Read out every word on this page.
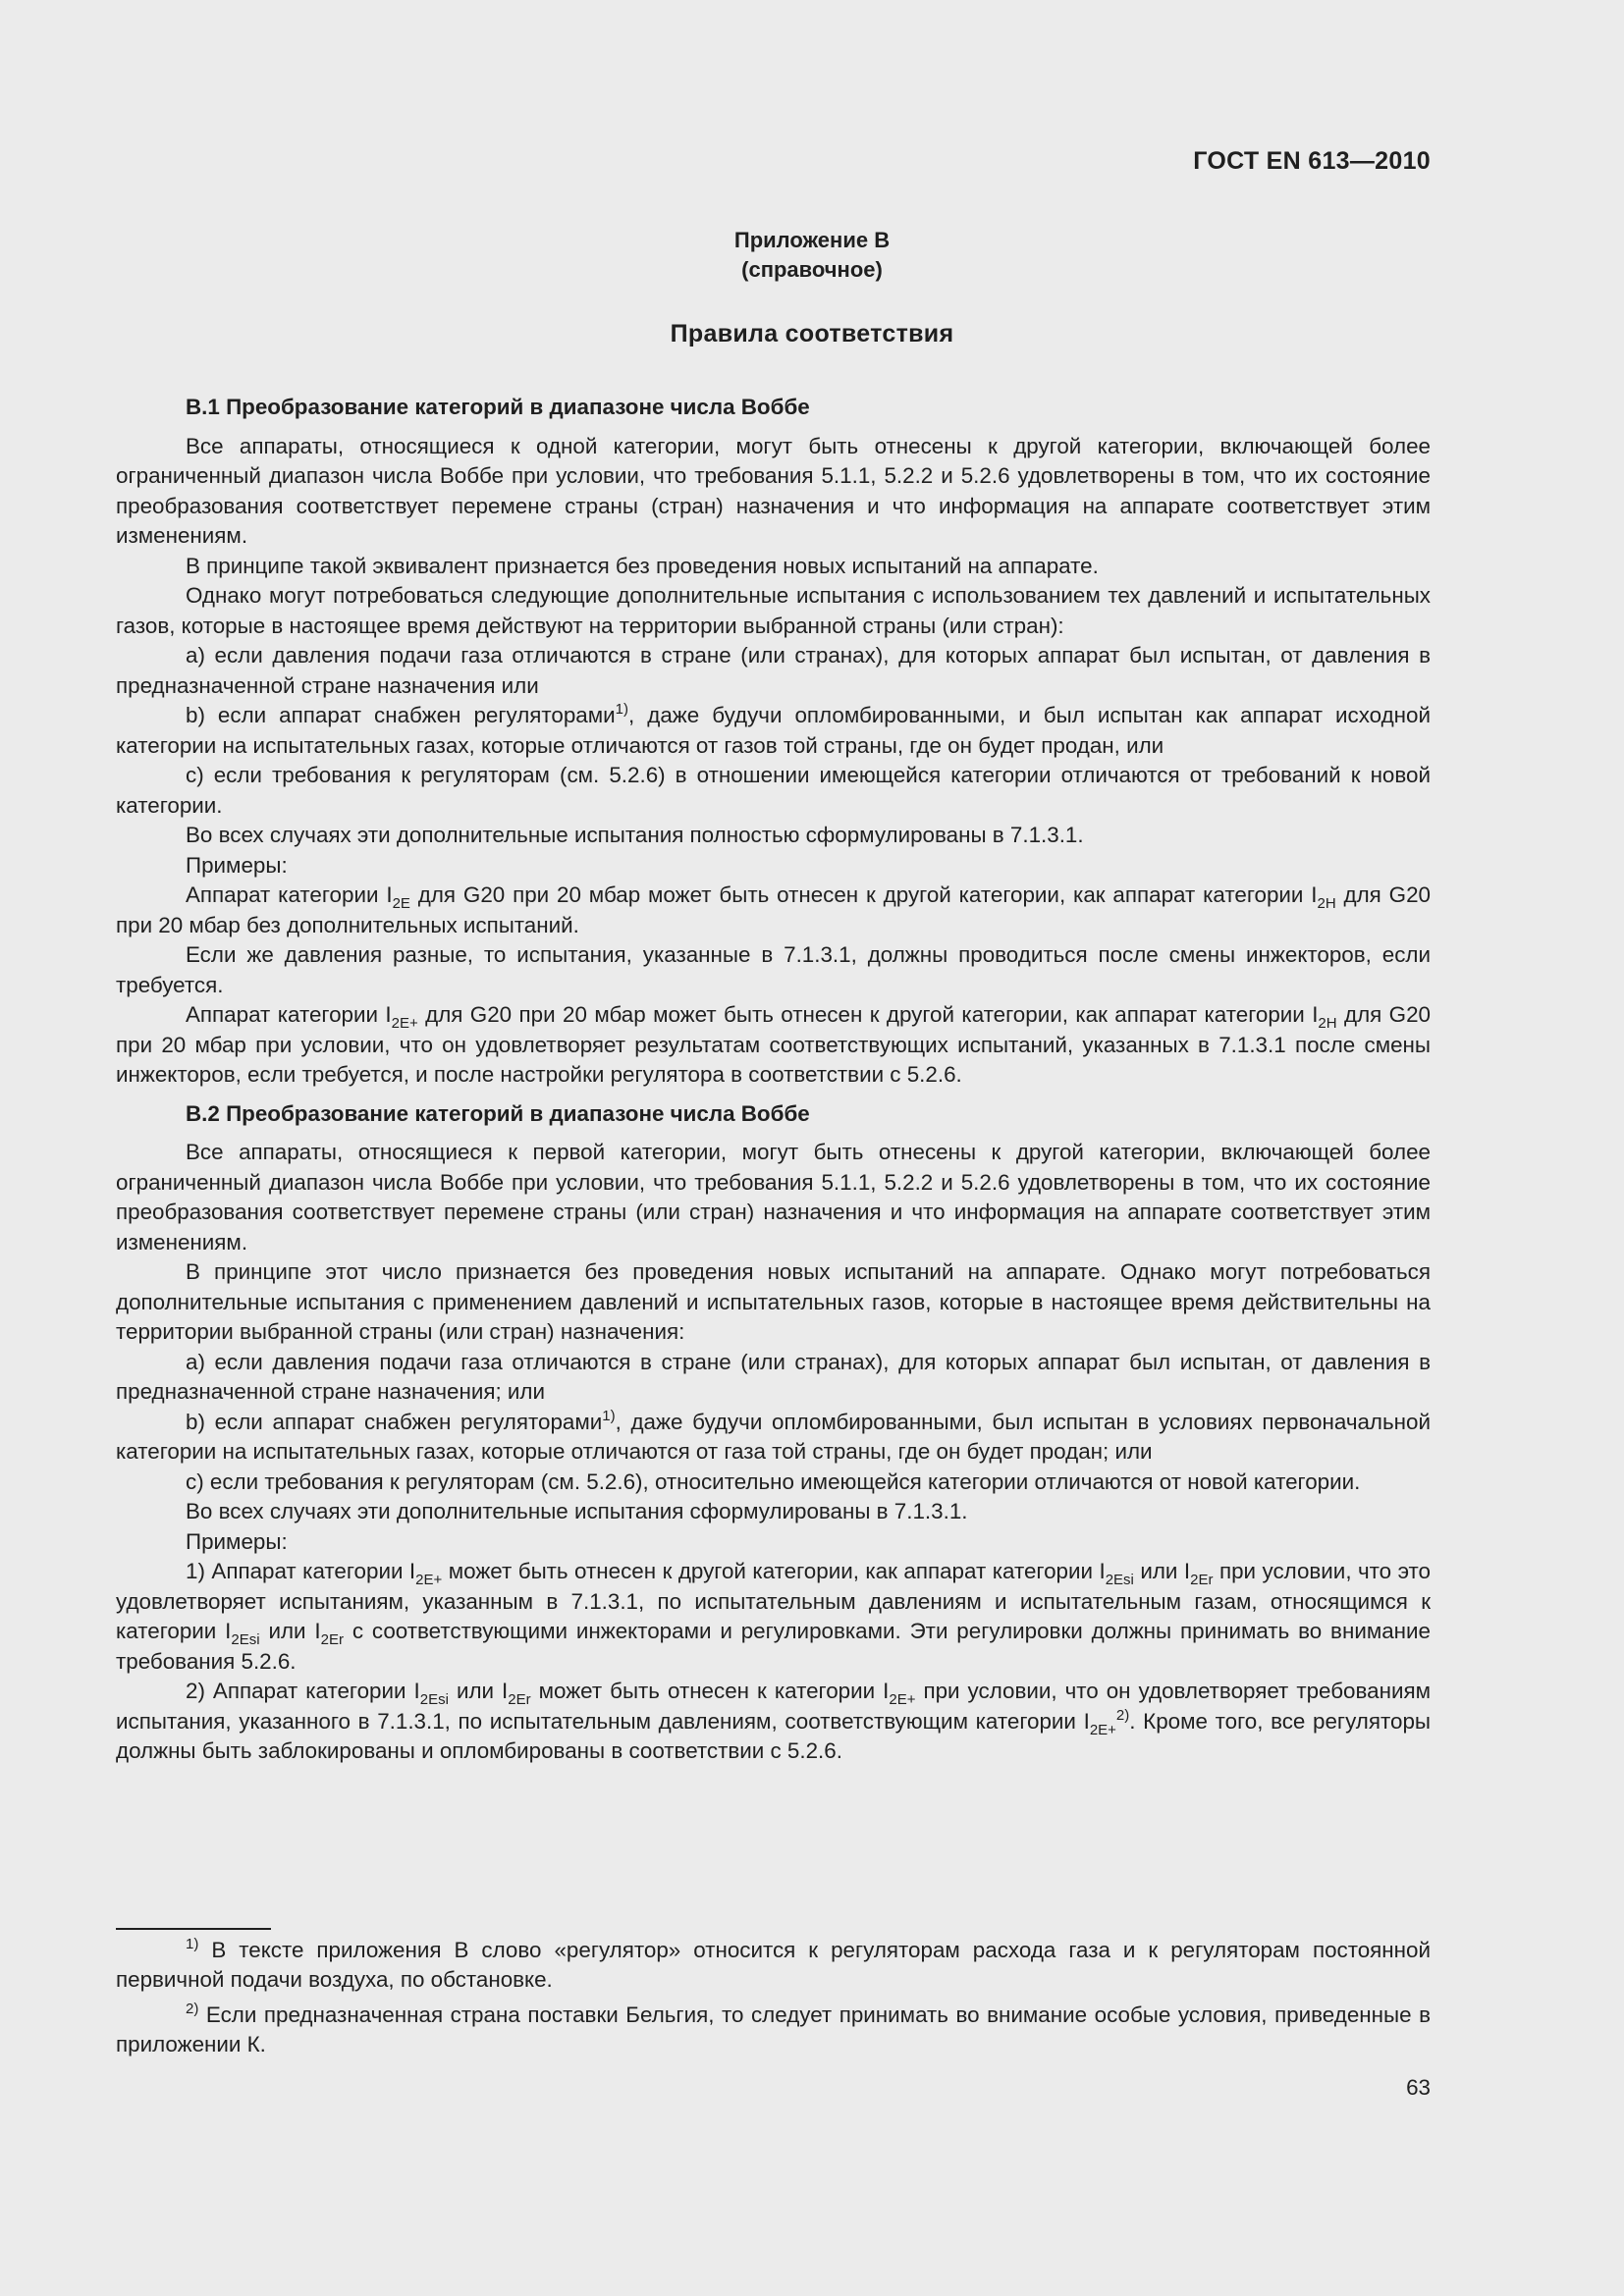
ГОСТ EN 613—2010
Приложение В
(справочное)
Правила соответствия

В.1 Преобразование категорий в диапазоне числа Воббе

Все аппараты, относящиеся к одной категории, могут быть отнесены к другой категории, включающей более ограниченный диапазон числа Воббе при условии, что требования 5.1.1, 5.2.2 и 5.2.6 удовлетворены в том, что их состояние преобразования соответствует перемене страны (стран) назначения и что информация на аппарате соответствует этим изменениям.

В принципе такой эквивалент признается без проведения новых испытаний на аппарате.

Однако могут потребоваться следующие дополнительные испытания с использованием тех давлений и испытательных газов, которые в настоящее время действуют на территории выбранной страны (или стран):

а) если давления подачи газа отличаются в стране (или странах), для которых аппарат был испытан, от давления в предназначенной стране назначения или

b) если аппарат снабжен регуляторами$^{1)}$, даже будучи опломбированными, и был испытан как аппарат исходной категории на испытательных газах, которые отличаются от газов той страны, где он будет продан, или

с) если требования к регуляторам (см. 5.2.6) в отношении имеющейся категории отличаются от требований к новой категории.

Во всех случаях эти дополнительные испытания полностью сформулированы в 7.1.3.1.

Примеры:

Аппарат категории $I_{2E}$ для G20 при 20 мбар может быть отнесен к другой категории, как аппарат категории $I_{2H}$ для G20 при 20 мбар без дополнительных испытаний.

Если же давления разные, то испытания, указанные в 7.1.3.1, должны проводиться после смены инжекторов, если требуется.

Аппарат категории $I_{2E+}$ для G20 при 20 мбар может быть отнесен к другой категории, как аппарат категории $I_{2H}$ для G20 при 20 мбар при условии, что он удовлетворяет результатам соответствующих испытаний, указанных в 7.1.3.1 после смены инжекторов, если требуется, и после настройки регулятора в соответствии с 5.2.6.

В.2 Преобразование категорий в диапазоне числа Воббе

Все аппараты, относящиеся к первой категории, могут быть отнесены к другой категории, включающей более ограниченный диапазон числа Воббе при условии, что требования 5.1.1, 5.2.2 и 5.2.6 удовлетворены в том, что их состояние преобразования соответствует перемене страны (или стран) назначения и что информация на аппарате соответствует этим изменениям.

В принципе этот число признается без проведения новых испытаний на аппарате. Однако могут потребоваться дополнительные испытания с применением давлений и испытательных газов, которые в настоящее время действительны на территории выбранной страны (или стран) назначения:

а) если давления подачи газа отличаются в стране (или странах), для которых аппарат был испытан, от давления в предназначенной стране назначения; или

b) если аппарат снабжен регуляторами$^{1)}$, даже будучи опломбированными, был испытан в условиях первоначальной категории на испытательных газах, которые отличаются от газа той страны, где он будет продан; или

с) если требования к регуляторам (см. 5.2.6), относительно имеющейся категории отличаются от новой категории.

Во всех случаях эти дополнительные испытания сформулированы в 7.1.3.1.

Примеры:

1) Аппарат категории $I_{2E+}$ может быть отнесен к другой категории, как аппарат категории $I_{2Esi}$ или $I_{2Er}$ при условии, что это удовлетворяет испытаниям, указанным в 7.1.3.1, по испытательным давлениям и испытательным газам, относящимся к категории $I_{2Esi}$ или $I_{2Er}$ с соответствующими инжекторами и регулировками. Эти регулировки должны принимать во внимание требования 5.2.6.

2) Аппарат категории $I_{2Esi}$ или $I_{2Er}$ может быть отнесен к категории $I_{2E+}$ при условии, что он удовлетворяет требованиям испытания, указанного в 7.1.3.1, по испытательным давлениям, соответствующим категории $I_{2E+}^{2)}$. Кроме того, все регуляторы должны быть заблокированы и опломбированы в соответствии с 5.2.6.

$^{1)}$ В тексте приложения В слово «регулятор» относится к регуляторам расхода газа и к регуляторам постоянной первичной подачи воздуха, по обстановке.

$^{2)}$ Если предназначенная страна поставки Бельгия, то следует принимать во внимание особые условия, приведенные в приложении К.

63
